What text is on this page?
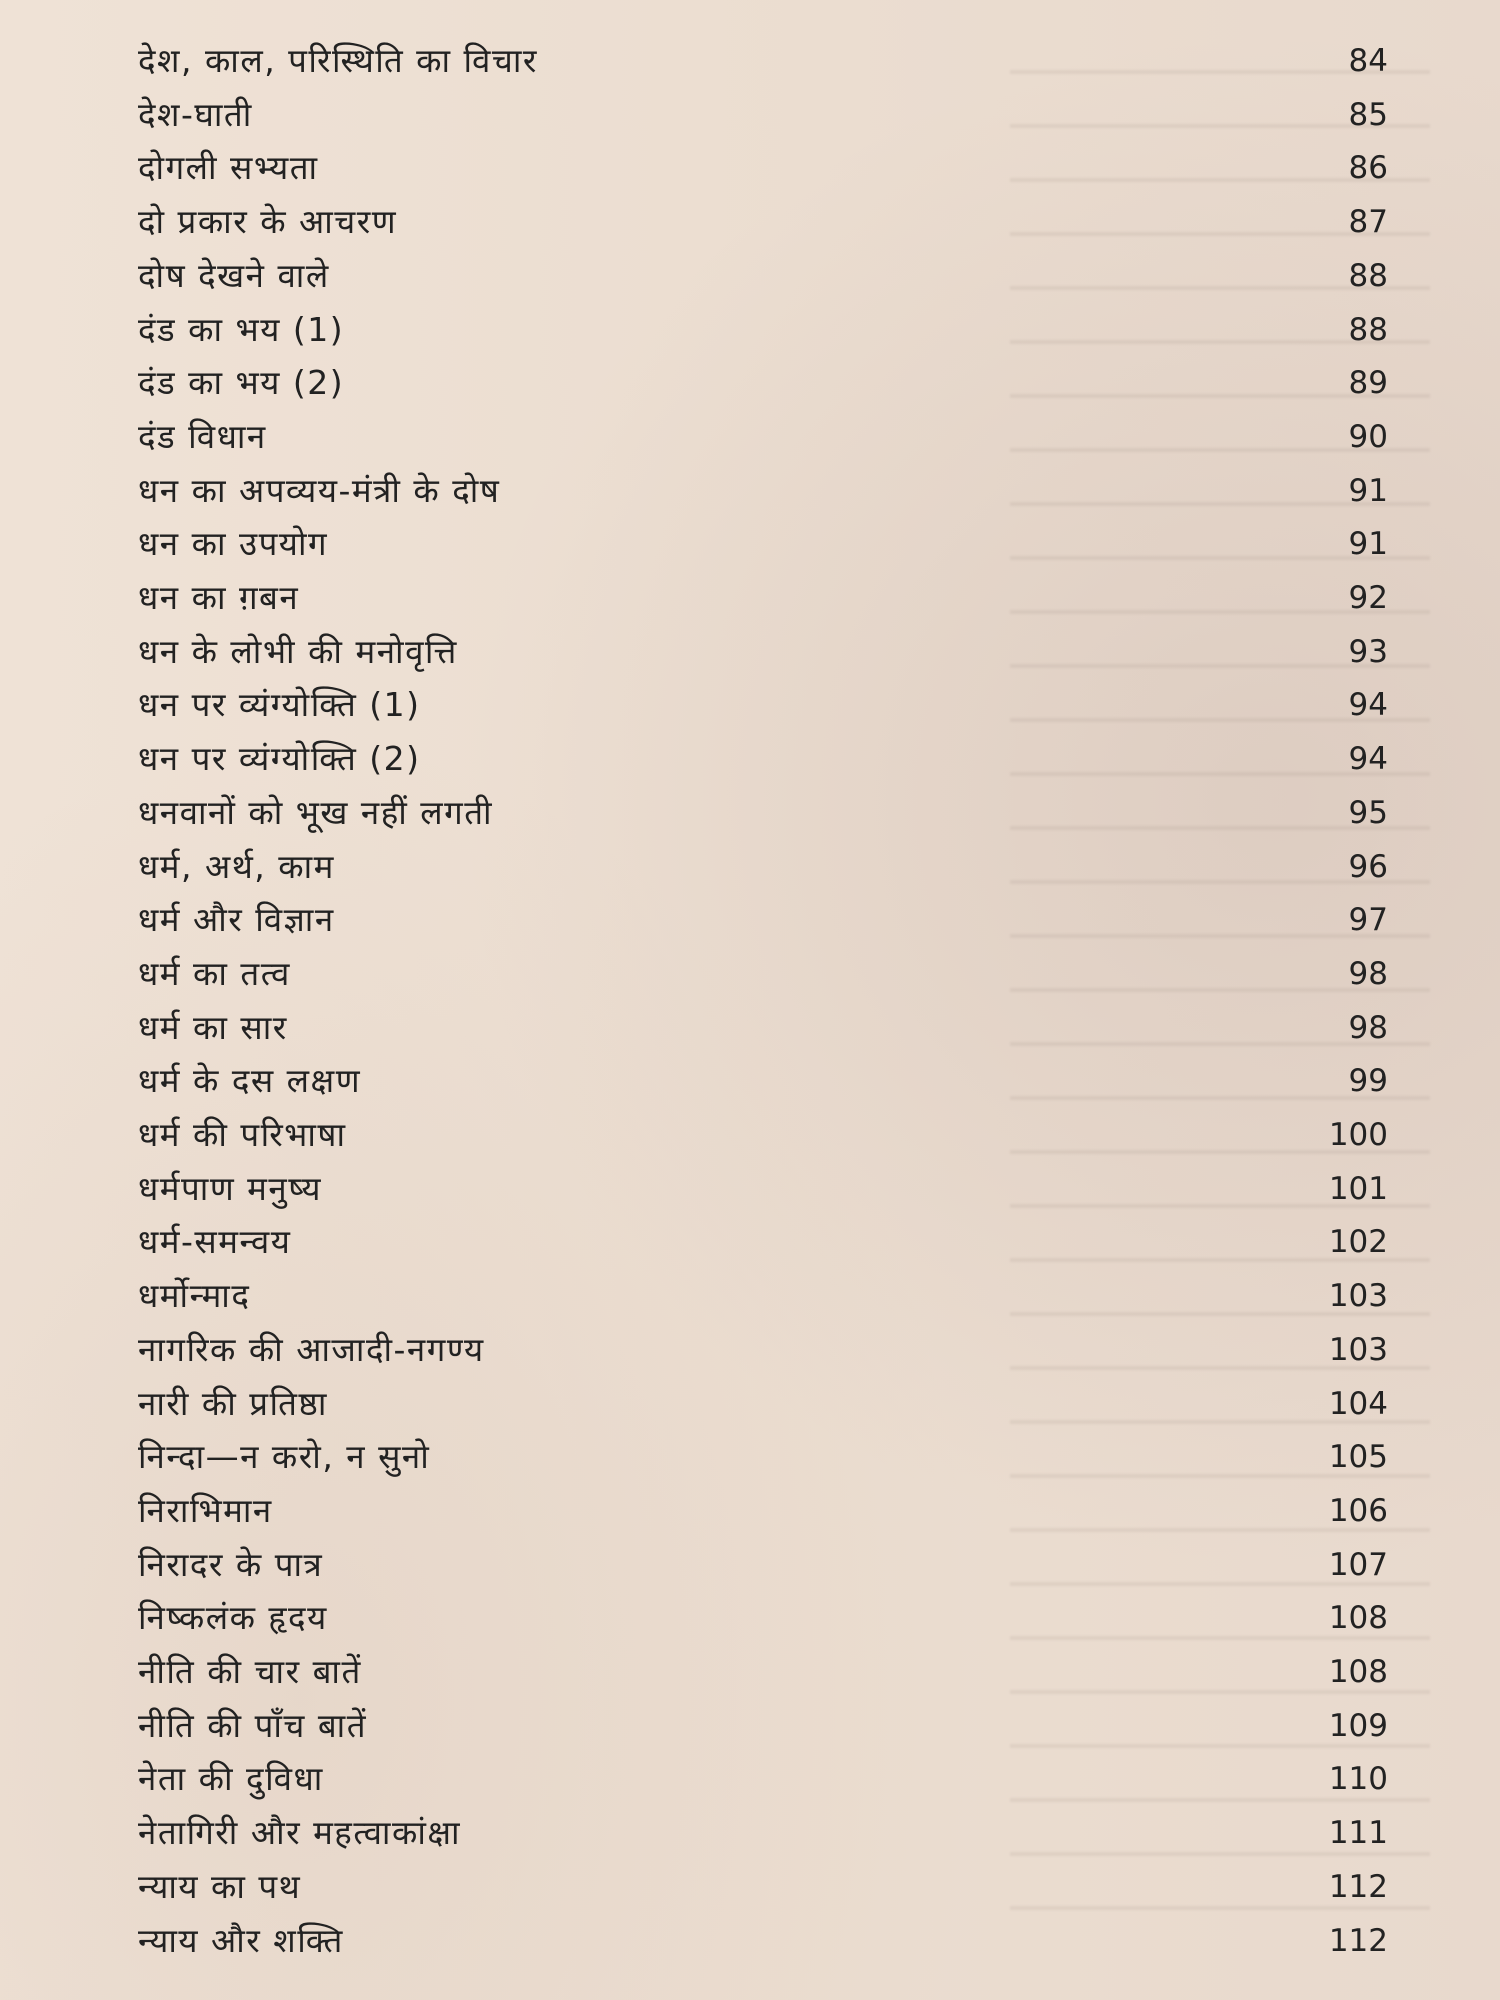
देश, काल, परिस्थिति का विचार	84
देश-घाती	85
दोगली सभ्यता	86
दो प्रकार के आचरण	87
दोष देखने वाले	88
दंड का भय (1)	88
दंड का भय (2)	89
दंड विधान	90
धन का अपव्यय-मंत्री के दोष	91
धन का उपयोग	91
धन का ग़बन	92
धन के लोभी की मनोवृत्ति	93
धन पर व्यंग्योक्ति (1)	94
धन पर व्यंग्योक्ति (2)	94
धनवानों को भूख नहीं लगती	95
धर्म, अर्थ, काम	96
धर्म और विज्ञान	97
धर्म का तत्व	98
धर्म का सार	98
धर्म के दस लक्षण	99
धर्म की परिभाषा	100
धर्मपाण मनुष्य	101
धर्म-समन्वय	102
धर्मोन्माद	103
नागरिक की आजादी-नगण्य	103
नारी की प्रतिष्ठा	104
निन्दा—न करो, न सुनो	105
निराभिमान	106
निरादर के पात्र	107
निष्कलंक हृदय	108
नीति की चार बातें	108
नीति की पाँच बातें	109
नेता की दुविधा	110
नेतागिरी और महत्वाकांक्षा	111
न्याय का पथ	112
न्याय और शक्ति	112
